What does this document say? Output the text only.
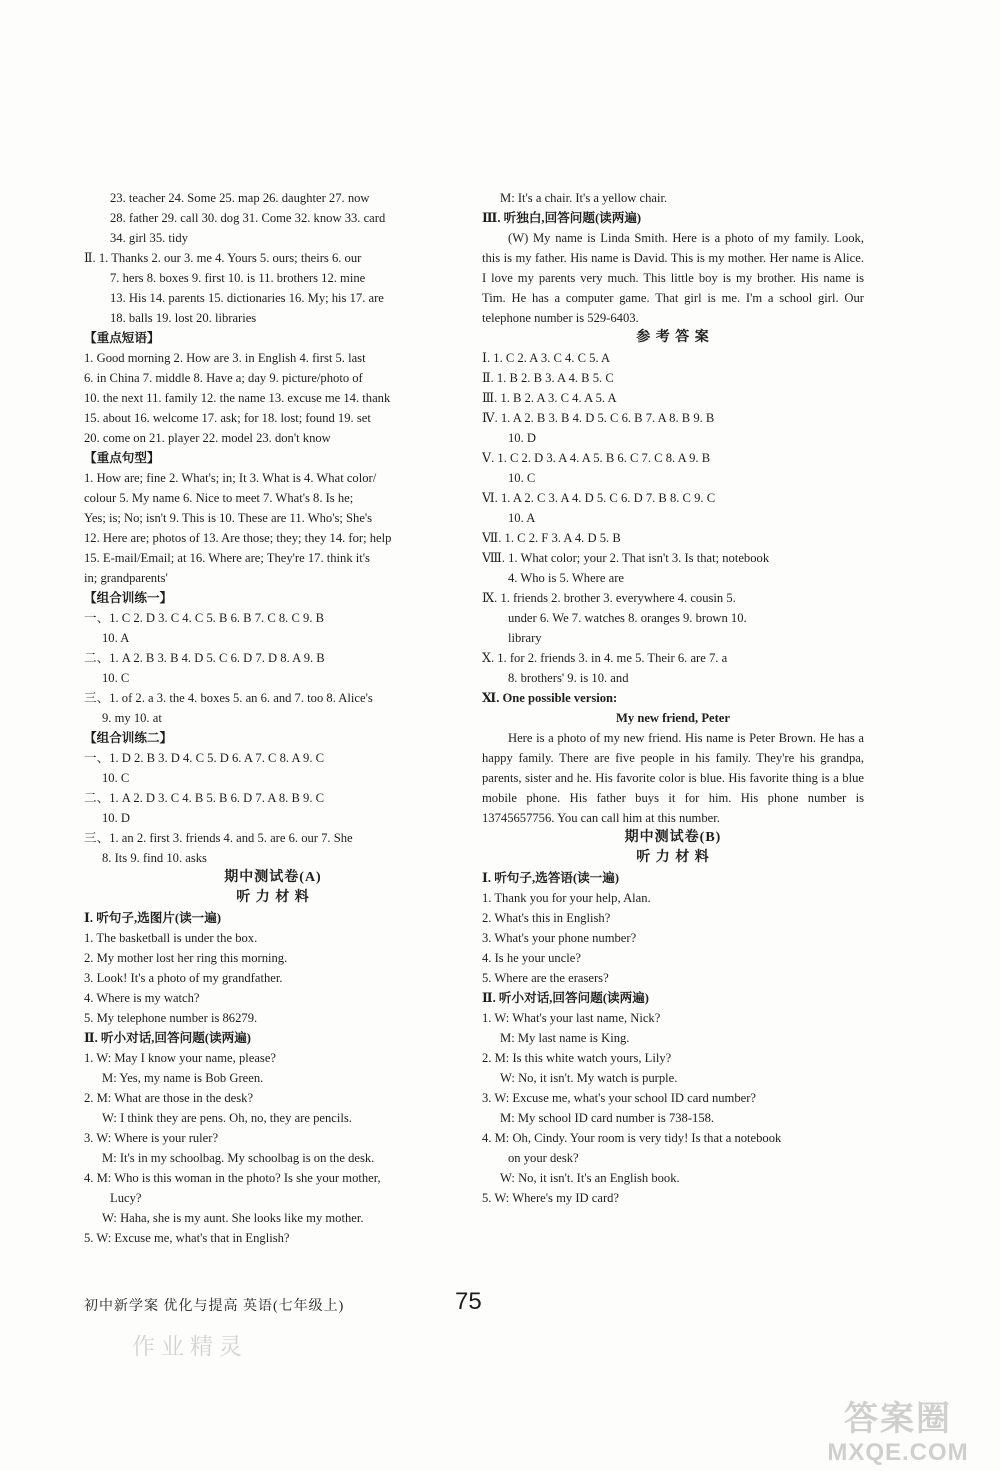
23. teacher 24. Some 25. map 26. daughter 27. now
28. father 29. call 30. dog 31. Come 32. know 33. card
34. girl 35. tidy
Ⅱ. 1. Thanks 2. our 3. me 4. Yours 5. ours; theirs 6. our
7. hers 8. boxes 9. first 10. is 11. brothers 12. mine
13. His 14. parents 15. dictionaries 16. My; his 17. are
18. balls 19. lost 20. libraries
【重点短语】
1. Good morning 2. How are 3. in English 4. first 5. last
6. in China 7. middle 8. Have a; day 9. picture/photo of
10. the next 11. family 12. the name 13. excuse me 14. thank
15. about 16. welcome 17. ask; for 18. lost; found 19. set
20. come on 21. player 22. model 23. don't know
【重点句型】
1. How are; fine 2. What's; in; It 3. What is 4. What color/
colour 5. My name 6. Nice to meet 7. What's 8. Is he;
Yes; is; No; isn't 9. This is 10. These are 11. Who's; She's
12. Here are; photos of 13. Are those; they; they 14. for; help
15. E-mail/Email; at 16. Where are; They're 17. think it's
in; grandparents'
【组合训练一】
一、1. C 2. D 3. C 4. C 5. B 6. B 7. C 8. C 9. B
10. A
二、1. A 2. B 3. B 4. D 5. C 6. D 7. D 8. A 9. B
10. C
三、1. of 2. a 3. the 4. boxes 5. an 6. and 7. too 8. Alice's
9. my 10. at
【组合训练二】
一、1. D 2. B 3. D 4. C 5. D 6. A 7. C 8. A 9. C
10. C
二、1. A 2. D 3. C 4. B 5. B 6. D 7. A 8. B 9. C
10. D
三、1. an 2. first 3. friends 4. and 5. are 6. our 7. She
8. Its 9. find 10. asks
期中测试卷(A)
听 力 材 料
Ⅰ. 听句子,选图片(读一遍)
1. The basketball is under the box.
2. My mother lost her ring this morning.
3. Look! It's a photo of my grandfather.
4. Where is my watch?
5. My telephone number is 86279.
Ⅱ. 听小对话,回答问题(读两遍)
1. W: May I know your name, please?
M: Yes, my name is Bob Green.
2. M: What are those in the desk?
W: I think they are pens. Oh, no, they are pencils.
3. W: Where is your ruler?
M: It's in my schoolbag. My schoolbag is on the desk.
4. M: Who is this woman in the photo? Is she your mother,
Lucy?
W: Haha, she is my aunt. She looks like my mother.
5. W: Excuse me, what's that in English?
M: It's a chair. It's a yellow chair.
Ⅲ. 听独白,回答问题(读两遍)
(W) My name is Linda Smith. Here is a photo of my family. Look, this is my father. His name is David. This is my mother. Her name is Alice. I love my parents very much. This little boy is my brother. His name is Tim. He has a computer game. That girl is me. I'm a school girl. Our telephone number is 529-6403.
参 考 答 案
Ⅰ. 1. C 2. A 3. C 4. C 5. A
Ⅱ. 1. B 2. B 3. A 4. B 5. C
Ⅲ. 1. B 2. A 3. C 4. A 5. A
Ⅳ. 1. A 2. B 3. B 4. D 5. C 6. B 7. A 8. B 9. B
10. D
Ⅴ. 1. C 2. D 3. A 4. A 5. B 6. C 7. C 8. A 9. B
10. C
Ⅵ. 1. A 2. C 3. A 4. D 5. C 6. D 7. B 8. C 9. C
10. A
Ⅶ. 1. C 2. F 3. A 4. D 5. B
Ⅷ. 1. What color; your 2. That isn't 3. Is that; notebook
4. Who is 5. Where are
Ⅸ. 1. friends 2. brother 3. everywhere 4. cousin 5.
under 6. We 7. watches 8. oranges 9. brown 10.
library
Ⅹ. 1. for 2. friends 3. in 4. me 5. Their 6. are 7. a
8. brothers' 9. is 10. and
Ⅺ. One possible version:
My new friend, Peter
Here is a photo of my new friend. His name is Peter Brown. He has a happy family. There are five people in his family. They're his grandpa, parents, sister and he. His favorite color is blue. His favorite thing is a blue mobile phone. His father buys it for him. His phone number is 13745657756. You can call him at this number.
期中测试卷(B)
听 力 材 料
Ⅰ. 听句子,选答语(读一遍)
1. Thank you for your help, Alan.
2. What's this in English?
3. What's your phone number?
4. Is he your uncle?
5. Where are the erasers?
Ⅱ. 听小对话,回答问题(读两遍)
1. W: What's your last name, Nick?
M: My last name is King.
2. M: Is this white watch yours, Lily?
W: No, it isn't. My watch is purple.
3. W: Excuse me, what's your school ID card number?
M: My school ID card number is 738-158.
4. M: Oh, Cindy. Your room is very tidy! Is that a notebook
on your desk?
W: No, it isn't. It's an English book.
5. W: Where's my ID card?
初中新学案 优化与提高 英语(七年级上)	75
作业精灵
答案圈
MXQE.COM
